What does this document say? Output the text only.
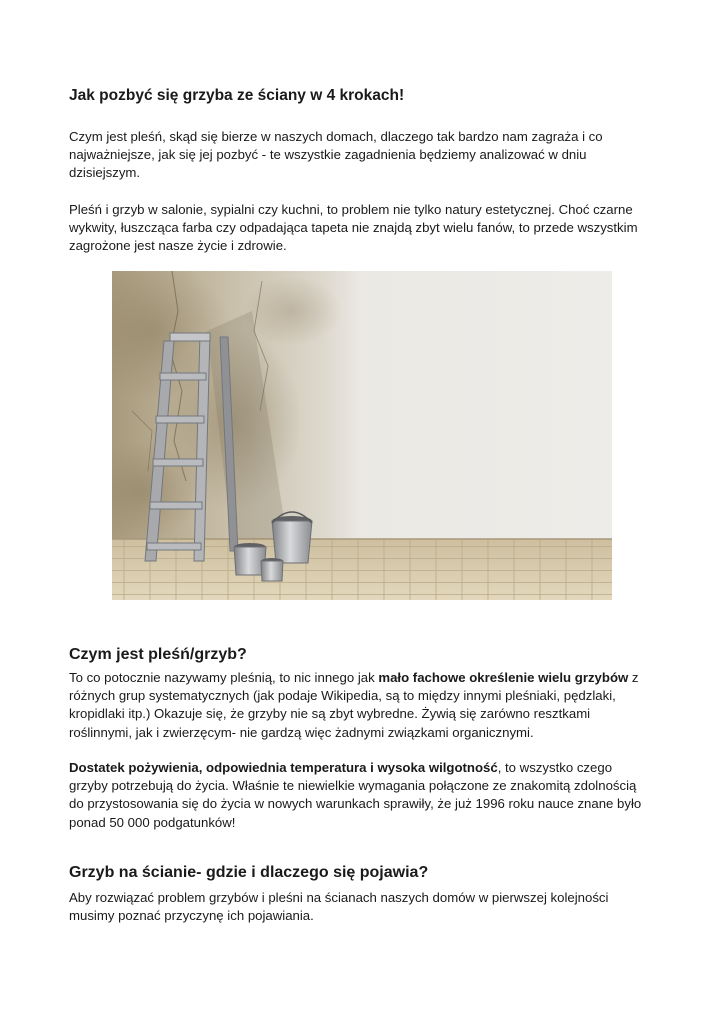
Jak pozbyć się grzyba ze ściany w 4 krokach!

Czym jest pleśń, skąd się bierze w naszych domach, dlaczego tak bardzo nam zagraża i co najważniejsze, jak się jej pozbyć - te wszystkie zagadnienia będziemy analizować w dniu dzisiejszym.

Pleśń i grzyb w salonie, sypialni czy kuchni, to problem nie tylko natury estetycznej. Choć czarne wykwity, łuszcząca farba czy odpadająca tapeta nie znajdą zbyt wielu fanów, to przede wszystkim zagrożone jest nasze życie i zdrowie.

Czym jest pleśń/grzyb?

To co potocznie nazywamy pleśnią, to nic innego jak mało fachowe określenie wielu grzybów z różnych grup systematycznych (jak podaje Wikipedia, są to między innymi pleśniaki, pędzlaki, kropidlaki itp.) Okazuje się, że grzyby nie są zbyt wybredne. Żywią się zarówno resztkami roślinnymi, jak i zwierzęcym- nie gardzą więc żadnymi związkami organicznymi.

Dostatek pożywienia, odpowiednia temperatura i wysoka wilgotność, to wszystko czego grzyby potrzebują do życia. Właśnie te niewielkie wymagania połączone ze znakomitą zdolnością do przystosowania się do życia w nowych warunkach sprawiły, że już 1996 roku nauce znane było ponad 50 000 podgatunków!

Grzyb na ścianie- gdzie i dlaczego się pojawia?

Aby rozwiązać problem grzybów i pleśni na ścianach naszych domów w pierwszej kolejności musimy poznać przyczynę ich pojawiania.
